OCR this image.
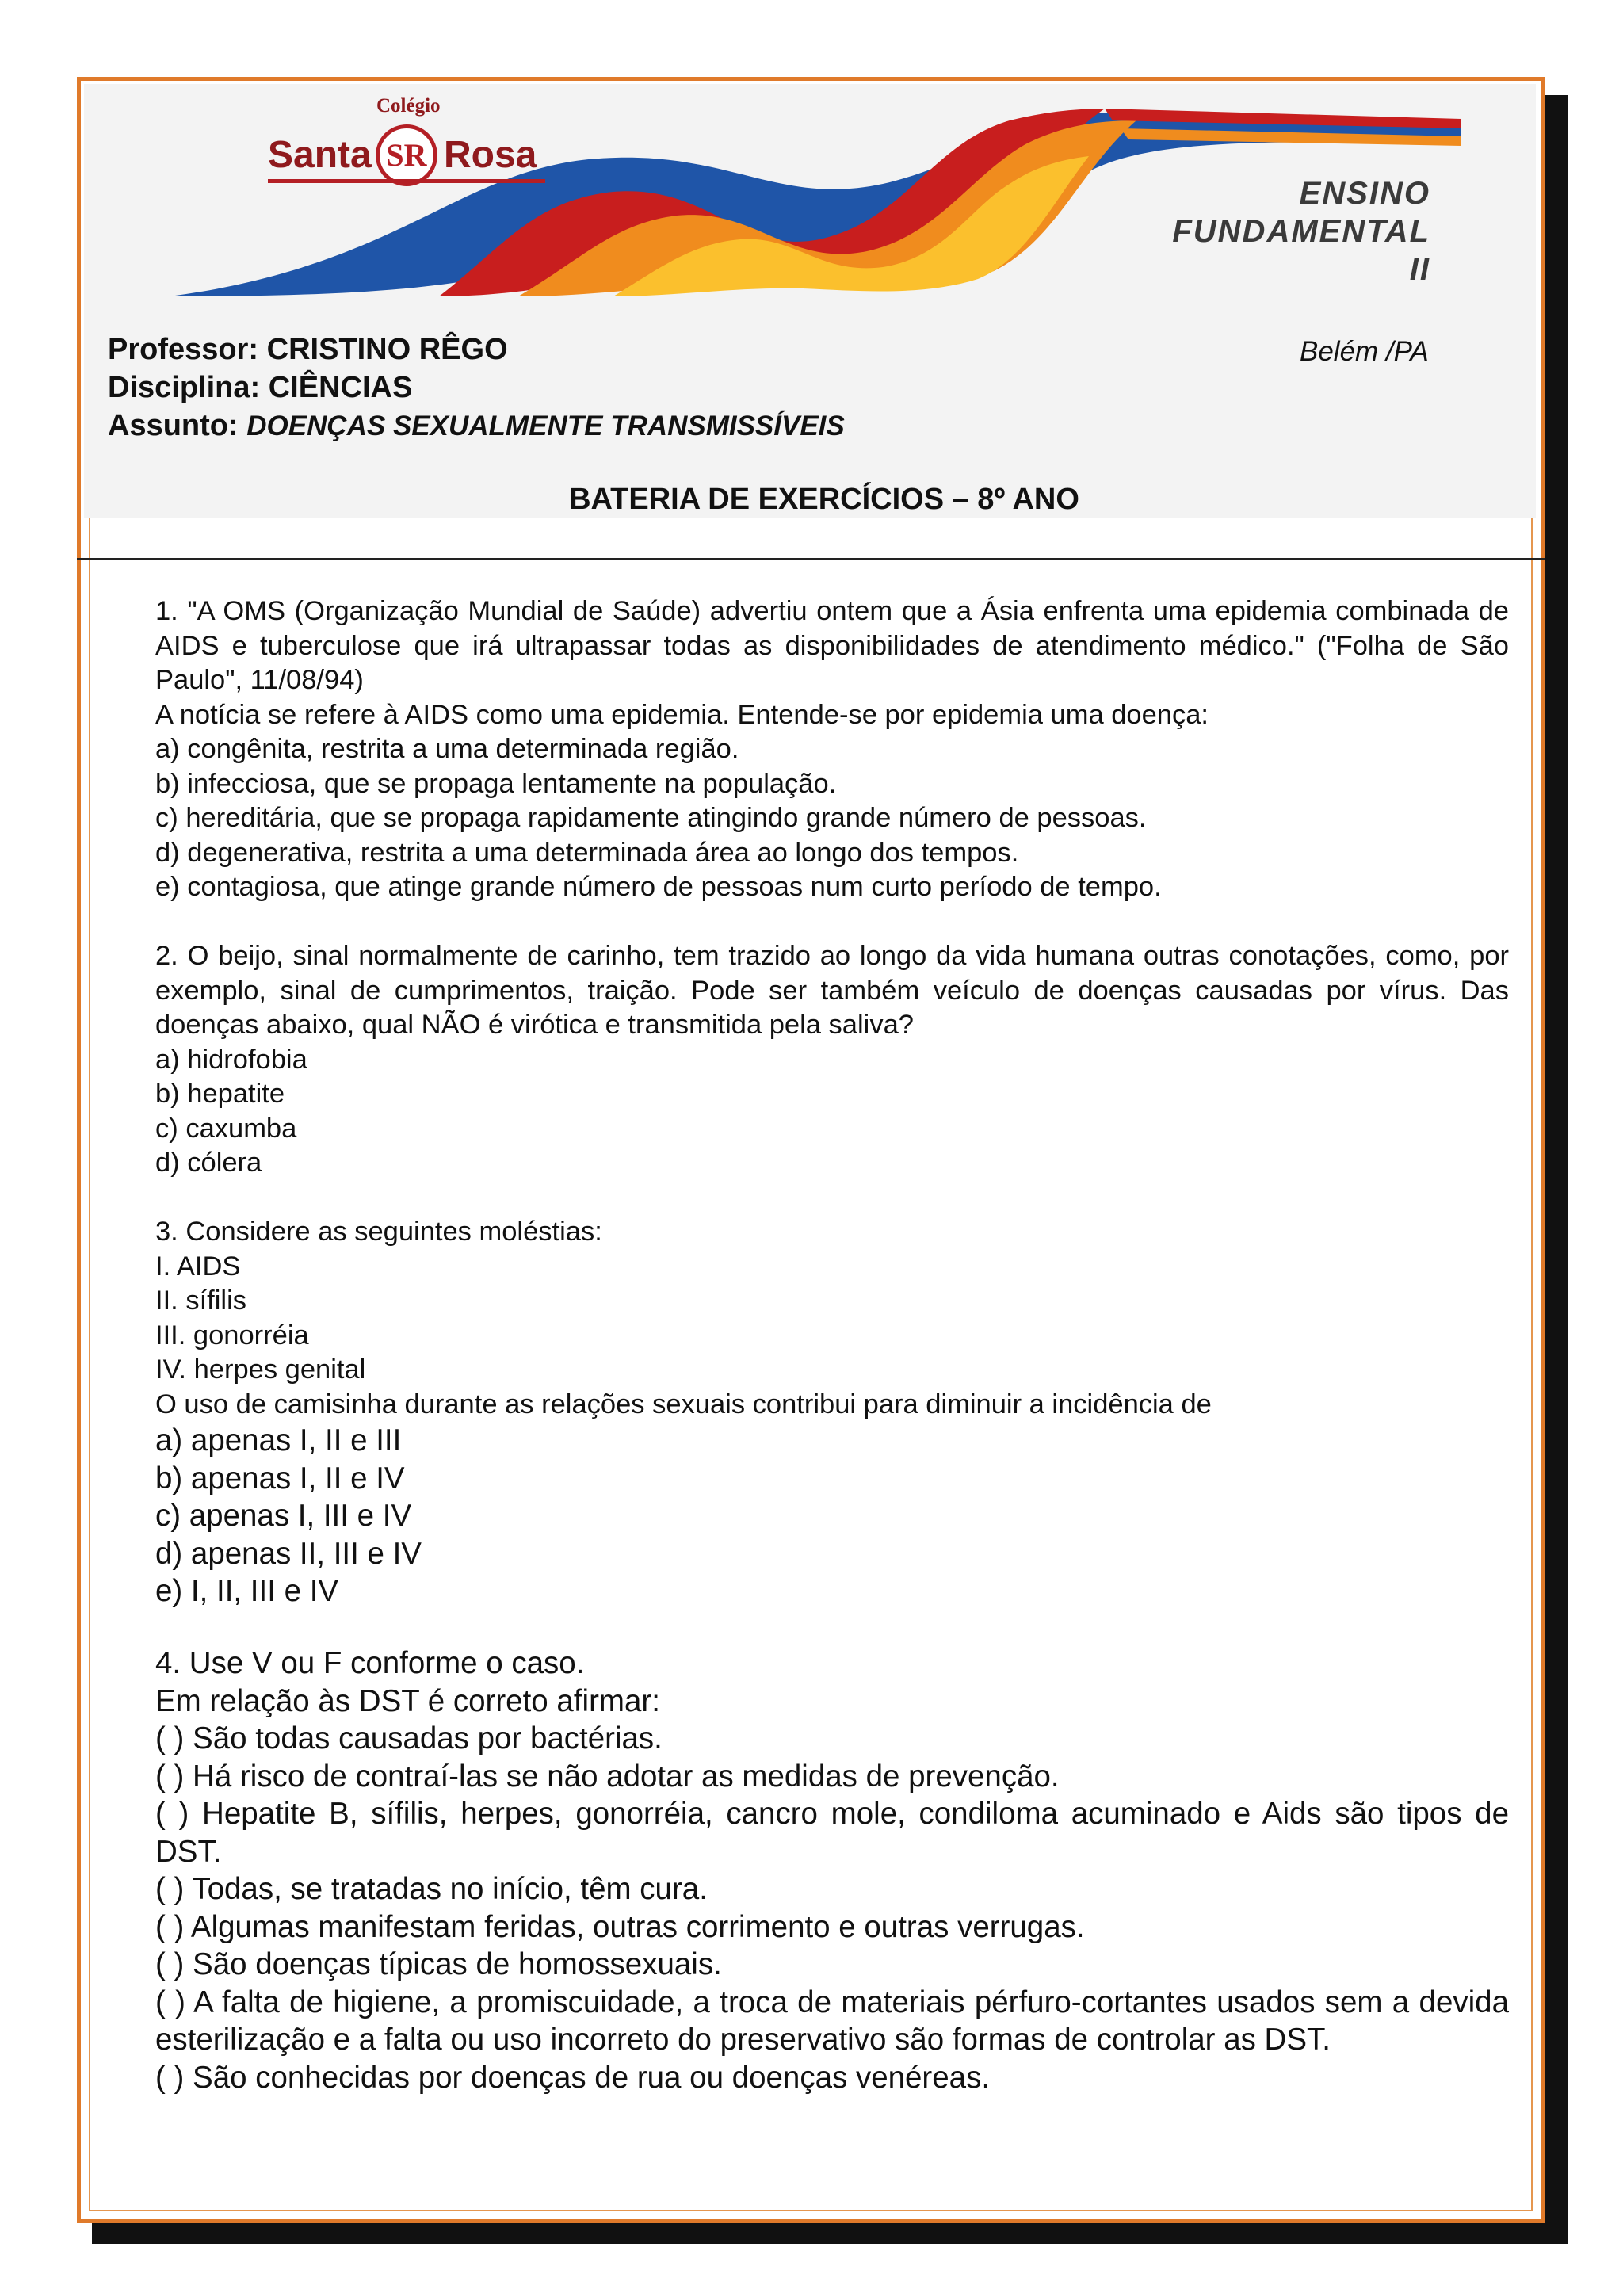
Colégio
Santa SR Rosa
ENSINO
FUNDAMENTAL II
Professor: CRISTINO RÊGO	Belém /PA
Disciplina: CIÊNCIAS
Assunto: DOENÇAS SEXUALMENTE TRANSMISSÍVEIS
BATERIA DE EXERCÍCIOS – 8º ANO

1. "A OMS (Organização Mundial de Saúde) advertiu ontem que a Ásia enfrenta uma epidemia combinada de AIDS e tuberculose que irá ultrapassar todas as disponibilidades de atendimento médico." ("Folha de São Paulo", 11/08/94)

A notícia se refere à AIDS como uma epidemia. Entende-se por epidemia uma doença:

a) congênita, restrita a uma determinada região.

b) infecciosa, que se propaga lentamente na população.

c) hereditária, que se propaga rapidamente atingindo grande número de pessoas.

d) degenerativa, restrita a uma determinada área ao longo dos tempos.

e) contagiosa, que atinge grande número de pessoas num curto período de tempo.

2. O beijo, sinal normalmente de carinho, tem trazido ao longo da vida humana outras conotações, como, por exemplo, sinal de cumprimentos, traição. Pode ser também veículo de doenças causadas por vírus. Das doenças abaixo, qual NÃO é virótica e transmitida pela saliva?

a) hidrofobia

b) hepatite

c) caxumba

d) cólera

3. Considere as seguintes moléstias:

I. AIDS

II. sífilis

III. gonorréia

IV. herpes genital

O uso de camisinha durante as relações sexuais contribui para diminuir a incidência de

a) apenas I, II e III

b) apenas I, II e IV

c) apenas I, III e IV

d) apenas II, III e IV

e) I, II, III e IV

4. Use V ou F conforme o caso.

Em relação às DST é correto afirmar:

( ) São todas causadas por bactérias.

( ) Há risco de contraí-las se não adotar as medidas de prevenção.

( ) Hepatite B, sífilis, herpes, gonorréia, cancro mole, condiloma acuminado e Aids são tipos de DST.

( ) Todas, se tratadas no início, têm cura.

( ) Algumas manifestam feridas, outras corrimento e outras verrugas.

( ) São doenças típicas de homossexuais.

( ) A falta de higiene, a promiscuidade, a troca de materiais pérfuro-cortantes usados sem a devida esterilização e a falta ou uso incorreto do preservativo são formas de controlar as DST.

( ) São conhecidas por doenças de rua ou doenças venéreas.
